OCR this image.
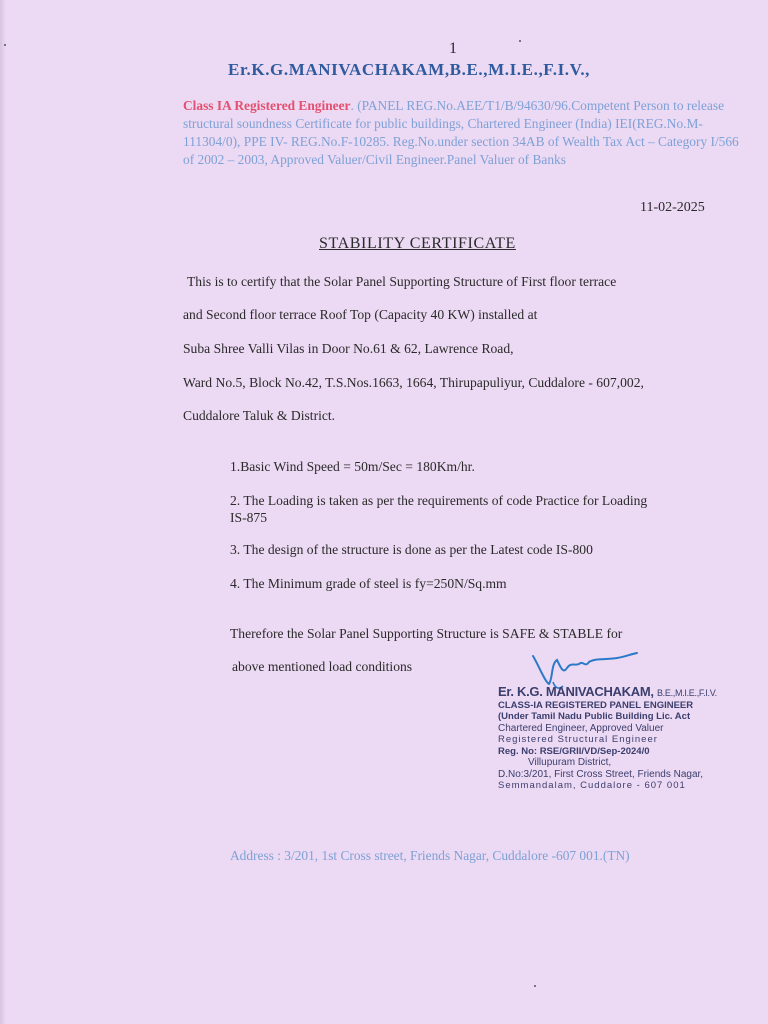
1
Er.K.G.MANIVACHAKAM,B.E.,M.I.E.,F.I.V.,
Class IA Registered Engineer. (PANEL REG.No.AEE/T1/B/94630/96.Competent Person to release structural soundness Certificate for public buildings, Chartered Engineer (India) IEI(REG.No.M-111304/0), PPE IV- REG.No.F-10285. Reg.No.under section 34AB of Wealth Tax Act – Category I/566 of 2002 – 2003, Approved Valuer/Civil Engineer.Panel Valuer of Banks
11-02-2025
STABILITY CERTIFICATE
This is to certify that the Solar Panel Supporting Structure of First floor terrace
and Second floor terrace Roof Top (Capacity 40 KW) installed at
Suba Shree Valli Vilas in Door No.61 & 62, Lawrence Road,
Ward No.5, Block No.42, T.S.Nos.1663, 1664, Thirupapuliyur, Cuddalore - 607,002,
Cuddalore Taluk & District.
1.Basic Wind Speed = 50m/Sec = 180Km/hr.
2. The Loading is taken as per the requirements of code Practice for Loading IS-875
3. The design of the structure is done as per the Latest code IS-800
4. The Minimum grade of steel is fy=250N/Sq.mm
Therefore the Solar Panel Supporting Structure is SAFE & STABLE for
above mentioned load conditions
Er. K.G. MANIVACHAKAM, B.E.,M.I.E.,F.I.V.
CLASS-IA REGISTERED PANEL ENGINEER
(Under Tamil Nadu Public Building Lic. Act
Chartered Engineer, Approved Valuer
Registered Structural Engineer
Reg. No: RSE/GRII/VD/Sep-2024/0
Villupuram District,
D.No:3/201, First Cross Street, Friends Nagar,
Semmandalam, Cuddalore - 607 001
Address : 3/201, 1st Cross street, Friends Nagar, Cuddalore -607 001.(TN)
